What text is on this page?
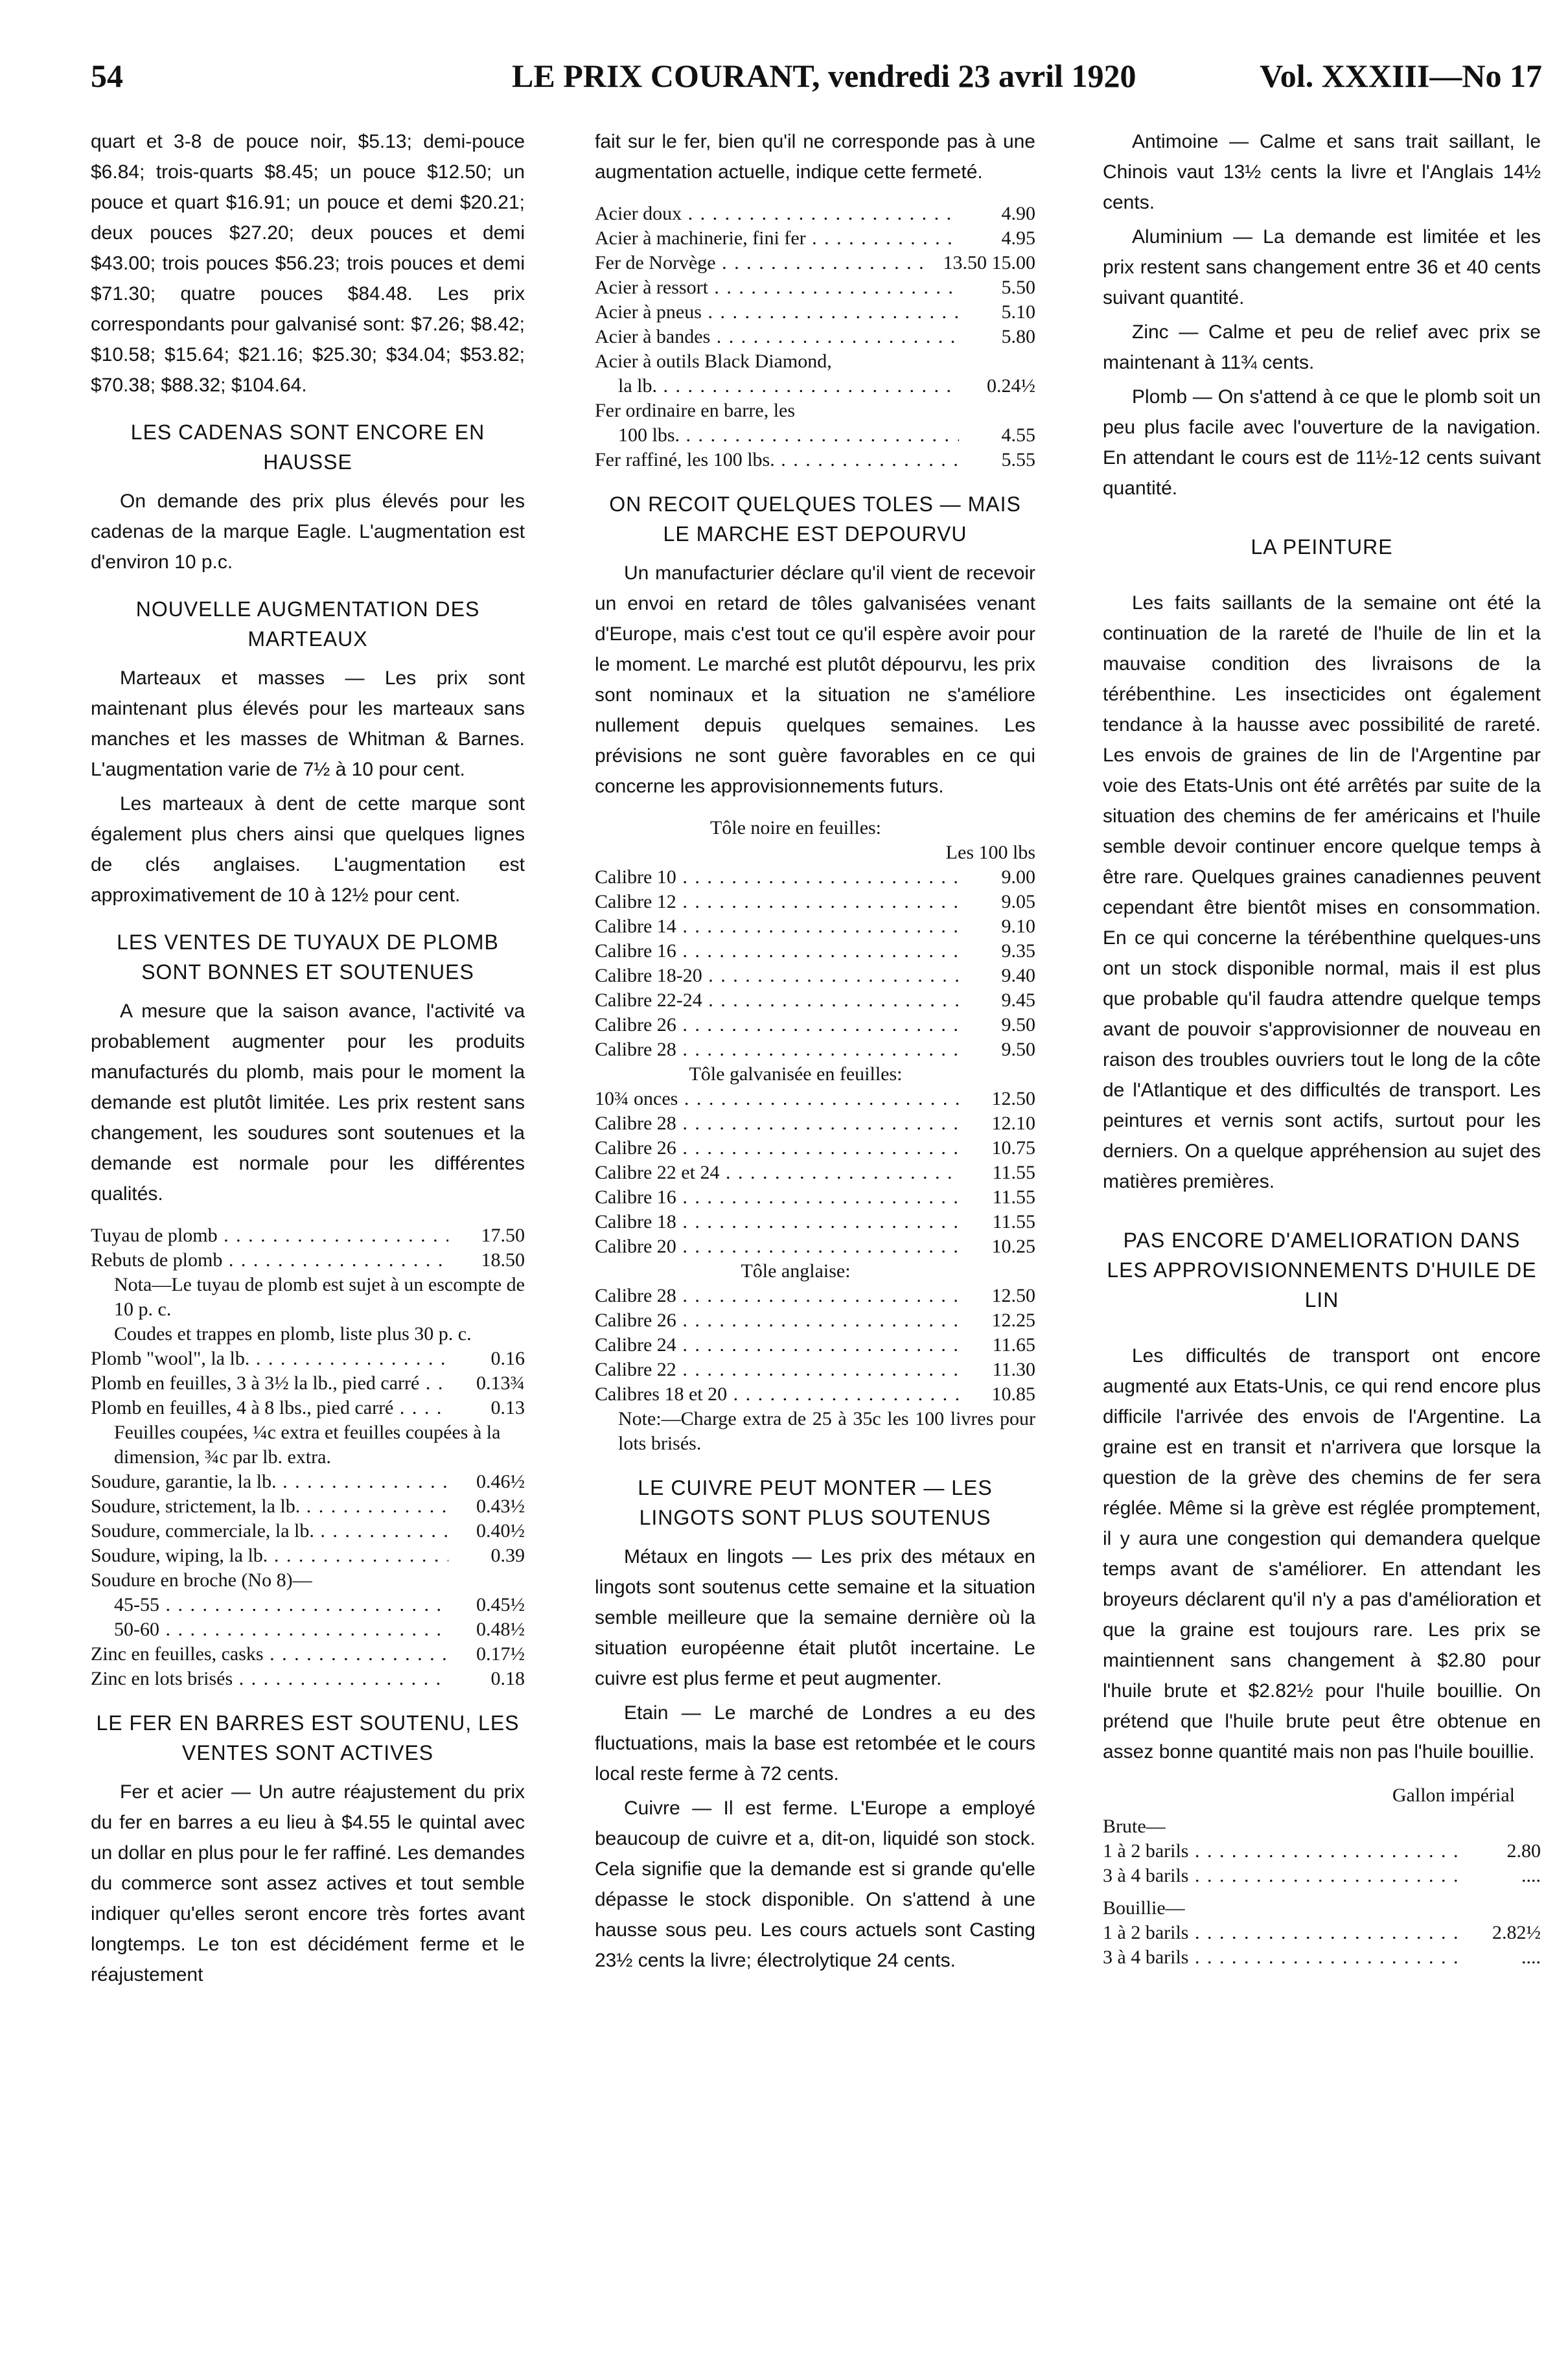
54	LE PRIX COURANT, vendredi 23 avril 1920	Vol. XXXIII—No 17

quart et 3-8 de pouce noir, $5.13; demi-pouce $6.84; trois-quarts $8.45; un pouce $12.50; un pouce et quart $16.91; un pouce et demi $20.21; deux pouces $27.20; deux pouces et demi $43.00; trois pouces $56.23; trois pouces et demi $71.30; quatre pouces $84.48. Les prix correspondants pour galvanisé sont: $7.26; $8.42; $10.58; $15.64; $21.16; $25.30; $34.04; $53.82; $70.38; $88.32; $104.64.

LES CADENAS SONT ENCORE EN HAUSSE

On demande des prix plus élevés pour les cadenas de la marque Eagle. L'augmentation est d'environ 10 p.c.

NOUVELLE AUGMENTATION DES MARTEAUX

Marteaux et masses — Les prix sont maintenant plus élevés pour les marteaux sans manches et les masses de Whitman & Barnes. L'augmentation varie de 7½ à 10 pour cent.

Les marteaux à dent de cette marque sont également plus chers ainsi que quelques lignes de clés anglaises. L'augmentation est approximativement de 10 à 12½ pour cent.

LES VENTES DE TUYAUX DE PLOMB SONT BONNES ET SOUTENUES

A mesure que la saison avance, l'activité va probablement augmenter pour les produits manufacturés du plomb, mais pour le moment la demande est plutôt limitée. Les prix restent sans changement, les soudures sont soutenues et la demande est normale pour les différentes qualités.

Tuyau de plomb . . .	17.50
Rebuts de plomb . . .	18.50
Nota—Le tuyau de plomb est sujet à un escompte de 10 p. c.
Coudes et trappes en plomb, liste plus 30 p. c.
Plomb "wool", la lb. . . .	0.16
Plomb en feuilles, 3 à 3½ la lb., pied carré . . .	0.13¾
Plomb en feuilles, 4 à 8 lbs., pied carré . . .	0.13
Feuilles coupées, ¼c extra et feuilles coupées à la dimension, ¾c par lb. extra.
Soudure, garantie, la lb. . . .	0.46½
Soudure, strictement, la lb. . . .	0.43½
Soudure, commerciale, la lb. . . .	0.40½
Soudure, wiping, la lb. . . .	0.39
Soudure en broche (No 8)—
45-55 . . .	0.45½
50-60 . . .	0.48½
Zinc en feuilles, casks . . .	0.17½
Zinc en lots brisés . . .	0.18
LE FER EN BARRES EST SOUTENU, LES VENTES SONT ACTIVES

Fer et acier — Un autre réajustement du prix du fer en barres a eu lieu à $4.55 le quintal avec un dollar en plus pour le fer raffiné. Les demandes du commerce sont assez actives et tout semble indiquer qu'elles seront encore très fortes avant longtemps. Le ton est décidément ferme et le réajustement

fait sur le fer, bien qu'il ne corresponde pas à une augmentation actuelle, indique cette fermeté.

Acier doux . . .	4.90
Acier à machinerie, fini fer . . .	4.95
Fer de Norvège . . .	13.50 15.00
Acier à ressort . . .	5.50
Acier à pneus . . .	5.10
Acier à bandes . . .	5.80
Acier à outils Black Diamond,
la lb. . . .	0.24½
Fer ordinaire en barre, les
100 lbs. . . .	4.55
Fer raffiné, les 100 lbs. . . .	5.55
ON RECOIT QUELQUES TOLES — MAIS LE MARCHE EST DEPOURVU

Un manufacturier déclare qu'il vient de recevoir un envoi en retard de tôles galvanisées venant d'Europe, mais c'est tout ce qu'il espère avoir pour le moment. Le marché est plutôt dépourvu, les prix sont nominaux et la situation ne s'améliore nullement depuis quelques semaines. Les prévisions ne sont guère favorables en ce qui concerne les approvisionnements futurs.

Tôle noire en feuilles:
Les 100 lbs
Calibre 10 . . .	9.00
Calibre 12 . . .	9.05
Calibre 14 . . .	9.10
Calibre 16 . . .	9.35
Calibre 18-20 . . .	9.40
Calibre 22-24 . . .	9.45
Calibre 26 . . .	9.50
Calibre 28 . . .	9.50
Tôle galvanisée en feuilles:
10¾ onces . . .	12.50
Calibre 28 . . .	12.10
Calibre 26 . . .	10.75
Calibre 22 et 24 . . .	11.55
Calibre 16 . . .	11.55
Calibre 18 . . .	11.55
Calibre 20 . . .	10.25
Tôle anglaise:
Calibre 28 . . .	12.50
Calibre 26 . . .	12.25
Calibre 24 . . .	11.65
Calibre 22 . . .	11.30
Calibres 18 et 20 . . .	10.85
Note:—Charge extra de 25 à 35c les 100 livres pour lots brisés.
LE CUIVRE PEUT MONTER — LES LINGOTS SONT PLUS SOUTENUS

Métaux en lingots — Les prix des métaux en lingots sont soutenus cette semaine et la situation semble meilleure que la semaine dernière où la situation européenne était plutôt incertaine. Le cuivre est plus ferme et peut augmenter.

Etain — Le marché de Londres a eu des fluctuations, mais la base est retombée et le cours local reste ferme à 72 cents.

Cuivre — Il est ferme. L'Europe a employé beaucoup de cuivre et a, dit-on, liquidé son stock. Cela signifie que la demande est si grande qu'elle dépasse le stock disponible. On s'attend à une hausse sous peu. Les cours actuels sont Casting 23½ cents la livre; électrolytique 24 cents.

Antimoine — Calme et sans trait saillant, le Chinois vaut 13½ cents la livre et l'Anglais 14½ cents.

Aluminium — La demande est limitée et les prix restent sans changement entre 36 et 40 cents suivant quantité.

Zinc — Calme et peu de relief avec prix se maintenant à 11¾ cents.

Plomb — On s'attend à ce que le plomb soit un peu plus facile avec l'ouverture de la navigation. En attendant le cours est de 11½-12 cents suivant quantité.

LA PEINTURE

Les faits saillants de la semaine ont été la continuation de la rareté de l'huile de lin et la mauvaise condition des livraisons de la térébenthine. Les insecticides ont également tendance à la hausse avec possibilité de rareté. Les envois de graines de lin de l'Argentine par voie des Etats-Unis ont été arrêtés par suite de la situation des chemins de fer américains et l'huile semble devoir continuer encore quelque temps à être rare. Quelques graines canadiennes peuvent cependant être bientôt mises en consommation. En ce qui concerne la térébenthine quelques-uns ont un stock disponible normal, mais il est plus que probable qu'il faudra attendre quelque temps avant de pouvoir s'approvisionner de nouveau en raison des troubles ouvriers tout le long de la côte de l'Atlantique et des difficultés de transport. Les peintures et vernis sont actifs, surtout pour les derniers. On a quelque appréhension au sujet des matières premières.

PAS ENCORE D'AMELIORATION DANS LES APPROVISIONNEMENTS D'HUILE DE LIN

Les difficultés de transport ont encore augmenté aux Etats-Unis, ce qui rend encore plus difficile l'arrivée des envois de l'Argentine. La graine est en transit et n'arrivera que lorsque la question de la grève des chemins de fer sera réglée. Même si la grève est réglée promptement, il y aura une congestion qui demandera quelque temps avant de s'améliorer. En attendant les broyeurs déclarent qu'il n'y a pas d'amélioration et que la graine est toujours rare. Les prix se maintiennent sans changement à $2.80 pour l'huile brute et $2.82½ pour l'huile bouillie. On prétend que l'huile brute peut être obtenue en assez bonne quantité mais non pas l'huile bouillie.

Gallon impérial
Brute—
1 à 2 barils . . .	2.80
3 à 4 barils . . .	....
Bouillie—
1 à 2 barils . . .	2.82½
3 à 4 barils . . .	....
